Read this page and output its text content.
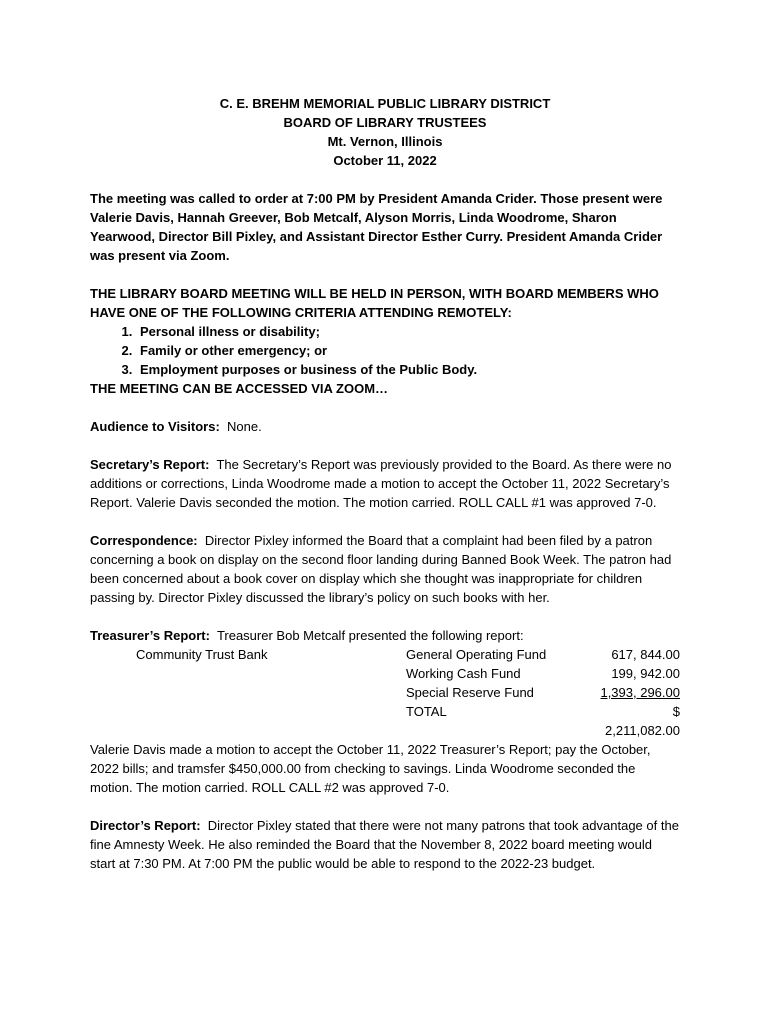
C. E. BREHM MEMORIAL PUBLIC LIBRARY DISTRICT
BOARD OF LIBRARY TRUSTEES
Mt. Vernon, Illinois
October 11, 2022

The meeting was called to order at 7:00 PM by President Amanda Crider. Those present were Valerie Davis, Hannah Greever, Bob Metcalf, Alyson Morris, Linda Woodrome, Sharon Yearwood, Director Bill Pixley, and Assistant Director Esther Curry. President Amanda Crider was present via Zoom.

THE LIBRARY BOARD MEETING WILL BE HELD IN PERSON, WITH BOARD MEMBERS WHO HAVE ONE OF THE FOLLOWING CRITERIA ATTENDING REMOTELY:

1. Personal illness or disability;
2. Family or other emergency; or
3. Employment purposes or business of the Public Body.

THE MEETING CAN BE ACCESSED VIA ZOOM…

Audience to Visitors: None.

Secretary’s Report: The Secretary’s Report was previously provided to the Board. As there were no additions or corrections, Linda Woodrome made a motion to accept the October 11, 2022 Secretary’s Report. Valerie Davis seconded the motion. The motion carried. ROLL CALL #1 was approved 7-0.

Correspondence: Director Pixley informed the Board that a complaint had been filed by a patron concerning a book on display on the second floor landing during Banned Book Week. The patron had been concerned about a book cover on display which she thought was inappropriate for children passing by. Director Pixley discussed the library’s policy on such books with her.

Treasurer’s Report: Treasurer Bob Metcalf presented the following report:
Community Trust Bank	General Operating Fund	617, 844.00
	Working Cash Fund	199, 942.00
	Special Reserve Fund	1,393, 296.00
	TOTAL	$ 2,211,082.00

Valerie Davis made a motion to accept the October 11, 2022 Treasurer’s Report; pay the October, 2022 bills; and tramsfer $450,000.00 from checking to savings. Linda Woodrome seconded the motion. The motion carried. ROLL CALL #2 was approved 7-0.

Director’s Report: Director Pixley stated that there were not many patrons that took advantage of the fine Amnesty Week. He also reminded the Board that the November 8, 2022 board meeting would start at 7:30 PM. At 7:00 PM the public would be able to respond to the 2022-23 budget.
